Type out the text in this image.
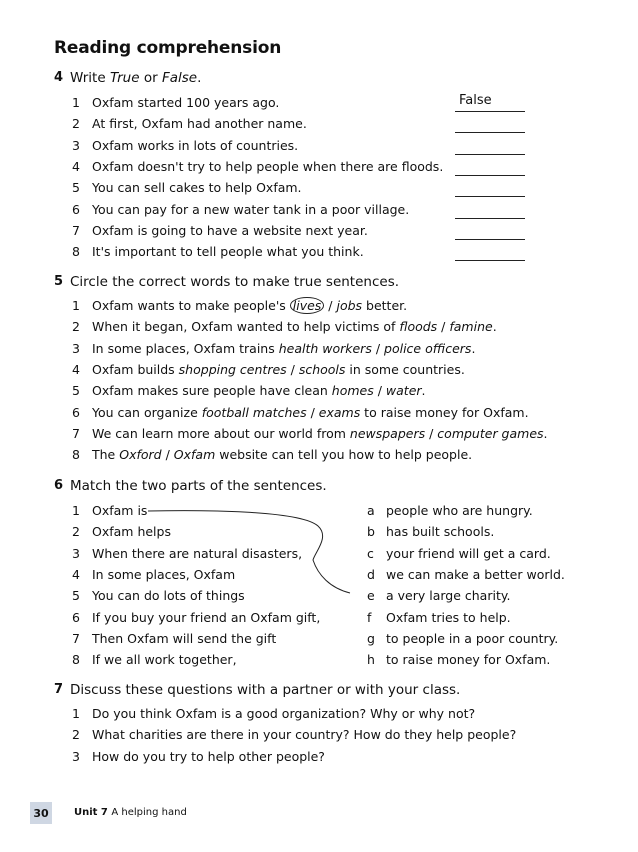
Reading comprehension
4 Write True or False.
1 Oxfam started 100 years ago.	False
2 At first, Oxfam had another name.
3 Oxfam works in lots of countries.
4 Oxfam doesn't try to help people when there are floods.
5 You can sell cakes to help Oxfam.
6 You can pay for a new water tank in a poor village.
7 Oxfam is going to have a website next year.
8 It's important to tell people what you think.
5 Circle the correct words to make true sentences.
1 Oxfam wants to make people's lives / jobs better.
2 When it began, Oxfam wanted to help victims of floods / famine.
3 In some places, Oxfam trains health workers / police officers.
4 Oxfam builds shopping centres / schools in some countries.
5 Oxfam makes sure people have clean homes / water.
6 You can organize football matches / exams to raise money for Oxfam.
7 We can learn more about our world from newspapers / computer games.
8 The Oxford / Oxfam website can tell you how to help people.
6 Match the two parts of the sentences.
1 Oxfam is
2 Oxfam helps
3 When there are natural disasters,
4 In some places, Oxfam
5 You can do lots of things
6 If you buy your friend an Oxfam gift,
7 Then Oxfam will send the gift
8 If we all work together,
a people who are hungry.
b has built schools.
c your friend will get a card.
d we can make a better world.
e a very large charity.
f Oxfam tries to help.
g to people in a poor country.
h to raise money for Oxfam.
7 Discuss these questions with a partner or with your class.
1 Do you think Oxfam is a good organization? Why or why not?
2 What charities are there in your country? How do they help people?
3 How do you try to help other people?
30	Unit 7 A helping hand
